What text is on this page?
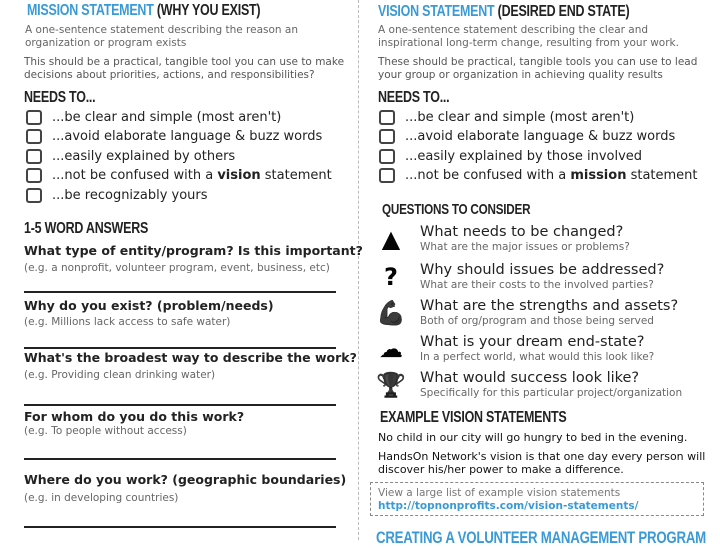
MISSION STATEMENT (WHY YOU EXIST)
A one-sentence statement describing the reason an organization or program exists
This should be a practical, tangible tool you can use to make decisions about priorities, actions, and responsibilities?
NEEDS TO...
...be clear and simple (most aren't)
...avoid elaborate language & buzz words
...easily explained by others
...not be confused with a vision statement
...be recognizably yours
1-5 WORD ANSWERS
What type of entity/program? Is this important?
(e.g. a nonprofit, volunteer program, event, business, etc)
Why do you exist? (problem/needs)
(e.g. Millions lack access to safe water)
What's the broadest way to describe the work?
(e.g. Providing clean drinking water)
For whom do you do this work?
(e.g. To people without access)
Where do you work? (geographic boundaries)
(e.g. in developing countries)
VISION STATEMENT (DESIRED END STATE)
A one-sentence statement describing the clear and inspirational long-term change, resulting from your work.
These should be practical, tangible tools you can use to lead your group or organization in achieving quality results
NEEDS TO...
...be clear and simple (most aren't)
...avoid elaborate language & buzz words
...easily explained by those involved
...not be confused with a mission statement
QUESTIONS TO CONSIDER
▲	What needs to be changed?
What are the major issues or problems?
?	Why should issues be addressed?
What are their costs to the involved parties?
💪 What are the strengths and assets?
Both of org/program and those being served
☁ What is your dream end-state?
In a perfect world, what would this look like?
🏆 What would success look like?
Specifically for this particular project/organization
EXAMPLE VISION STATEMENTS
No child in our city will go hungry to bed in the evening.
HandsOn Network's vision is that one day every person will discover his/her power to make a difference.
View a large list of example vision statements
http://topnonprofits.com/vision-statements/
CREATING A VOLUNTEER MANAGEMENT PROGRAM
